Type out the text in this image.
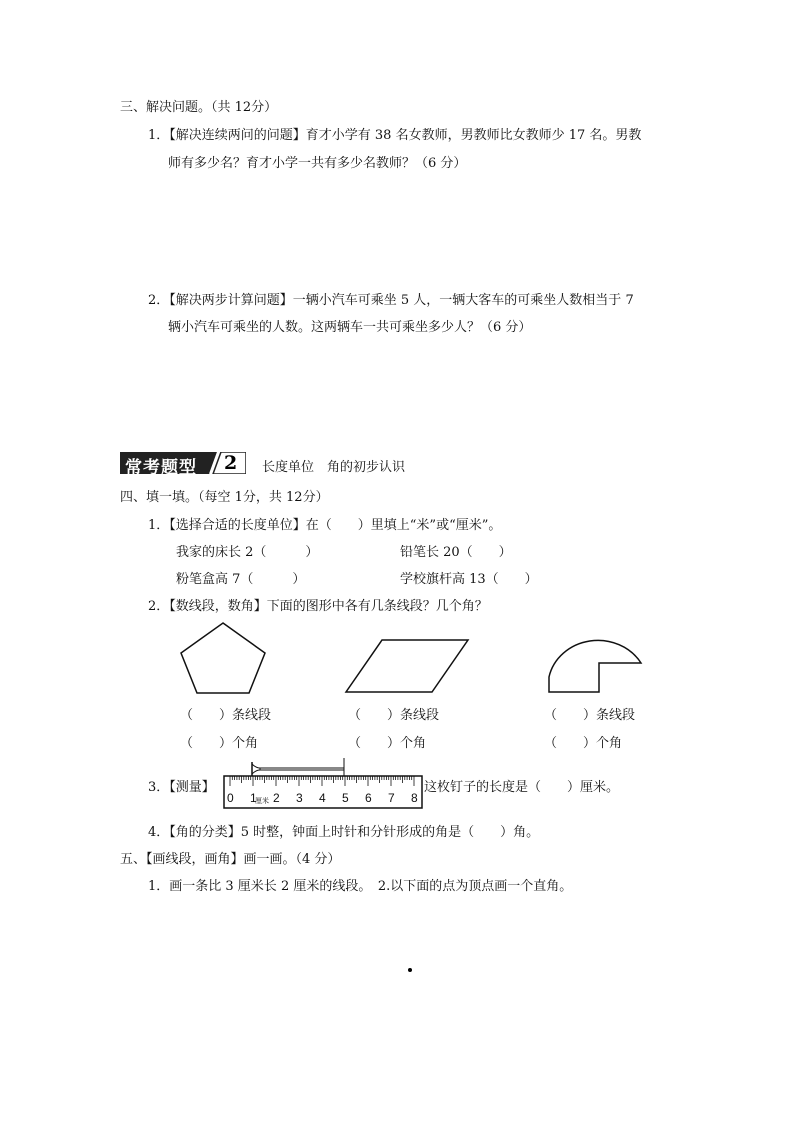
三、解决问题。（共 12分）
1．【解决连续两问的问题】育才小学有 38 名女教师，男教师比女教师少 17 名。男教
师有多少名？育才小学一共有多少名教师？（6 分）
2．【解决两步计算问题】一辆小汽车可乘坐 5 人，一辆大客车的可乘坐人数相当于 7
辆小汽车可乘坐的人数。这两辆车一共可乘坐多少人？（6 分）
常考题型 2 长度单位　角的初步认识
四、填一填。（每空 1分，共 12分）
1．【选择合适的长度单位】在（　　）里填上“米”或“厘米”。
我家的床长 2（　　　）	铅笔长 20（　　）
粉笔盒高 7（　　　）	学校旗杆高 13（　　）
2．【数线段，数角】下面的图形中各有几条线段？几个角？
（　　）条线段	（　　）条线段	（　　）条线段
（　　）个角	（　　）个角	（　　）个角
3．【测量】
0 1
厘米 2 3 4 5 6 7 8
这枚钉子的长度是（　　）厘米。
4．【角的分类】5 时整，钟面上时针和分针形成的角是（　　）角。
五、【画线段，画角】画一画。（4 分）
1．画一条比 3 厘米长 2 厘米的线段。　2.以下面的点为顶点画一个直角。
